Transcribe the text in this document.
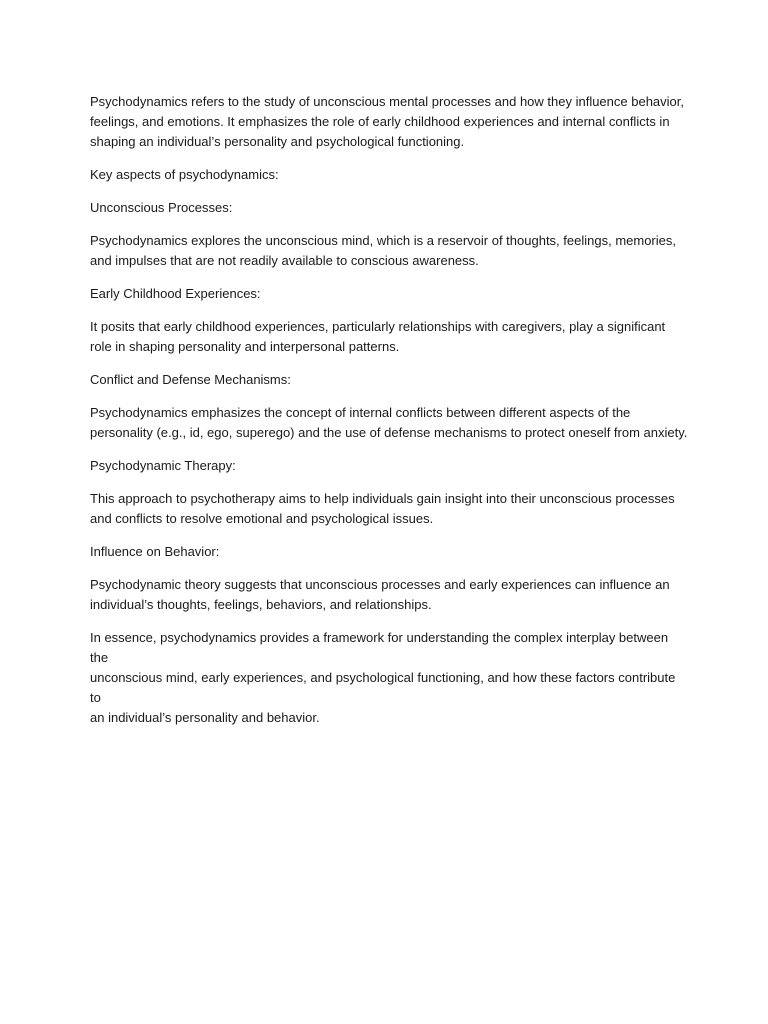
Psychodynamics refers to the study of unconscious mental processes and how they influence behavior,
feelings, and emotions. It emphasizes the role of early childhood experiences and internal conflicts in
shaping an individual’s personality and psychological functioning.

Key aspects of psychodynamics:

Unconscious Processes:

Psychodynamics explores the unconscious mind, which is a reservoir of thoughts, feelings, memories,
and impulses that are not readily available to conscious awareness.

Early Childhood Experiences:

It posits that early childhood experiences, particularly relationships with caregivers, play a significant
role in shaping personality and interpersonal patterns.

Conflict and Defense Mechanisms:

Psychodynamics emphasizes the concept of internal conflicts between different aspects of the
personality (e.g., id, ego, superego) and the use of defense mechanisms to protect oneself from anxiety.

Psychodynamic Therapy:

This approach to psychotherapy aims to help individuals gain insight into their unconscious processes
and conflicts to resolve emotional and psychological issues.

Influence on Behavior:

Psychodynamic theory suggests that unconscious processes and early experiences can influence an
individual’s thoughts, feelings, behaviors, and relationships.

In essence, psychodynamics provides a framework for understanding the complex interplay between the
unconscious mind, early experiences, and psychological functioning, and how these factors contribute to
an individual’s personality and behavior.
